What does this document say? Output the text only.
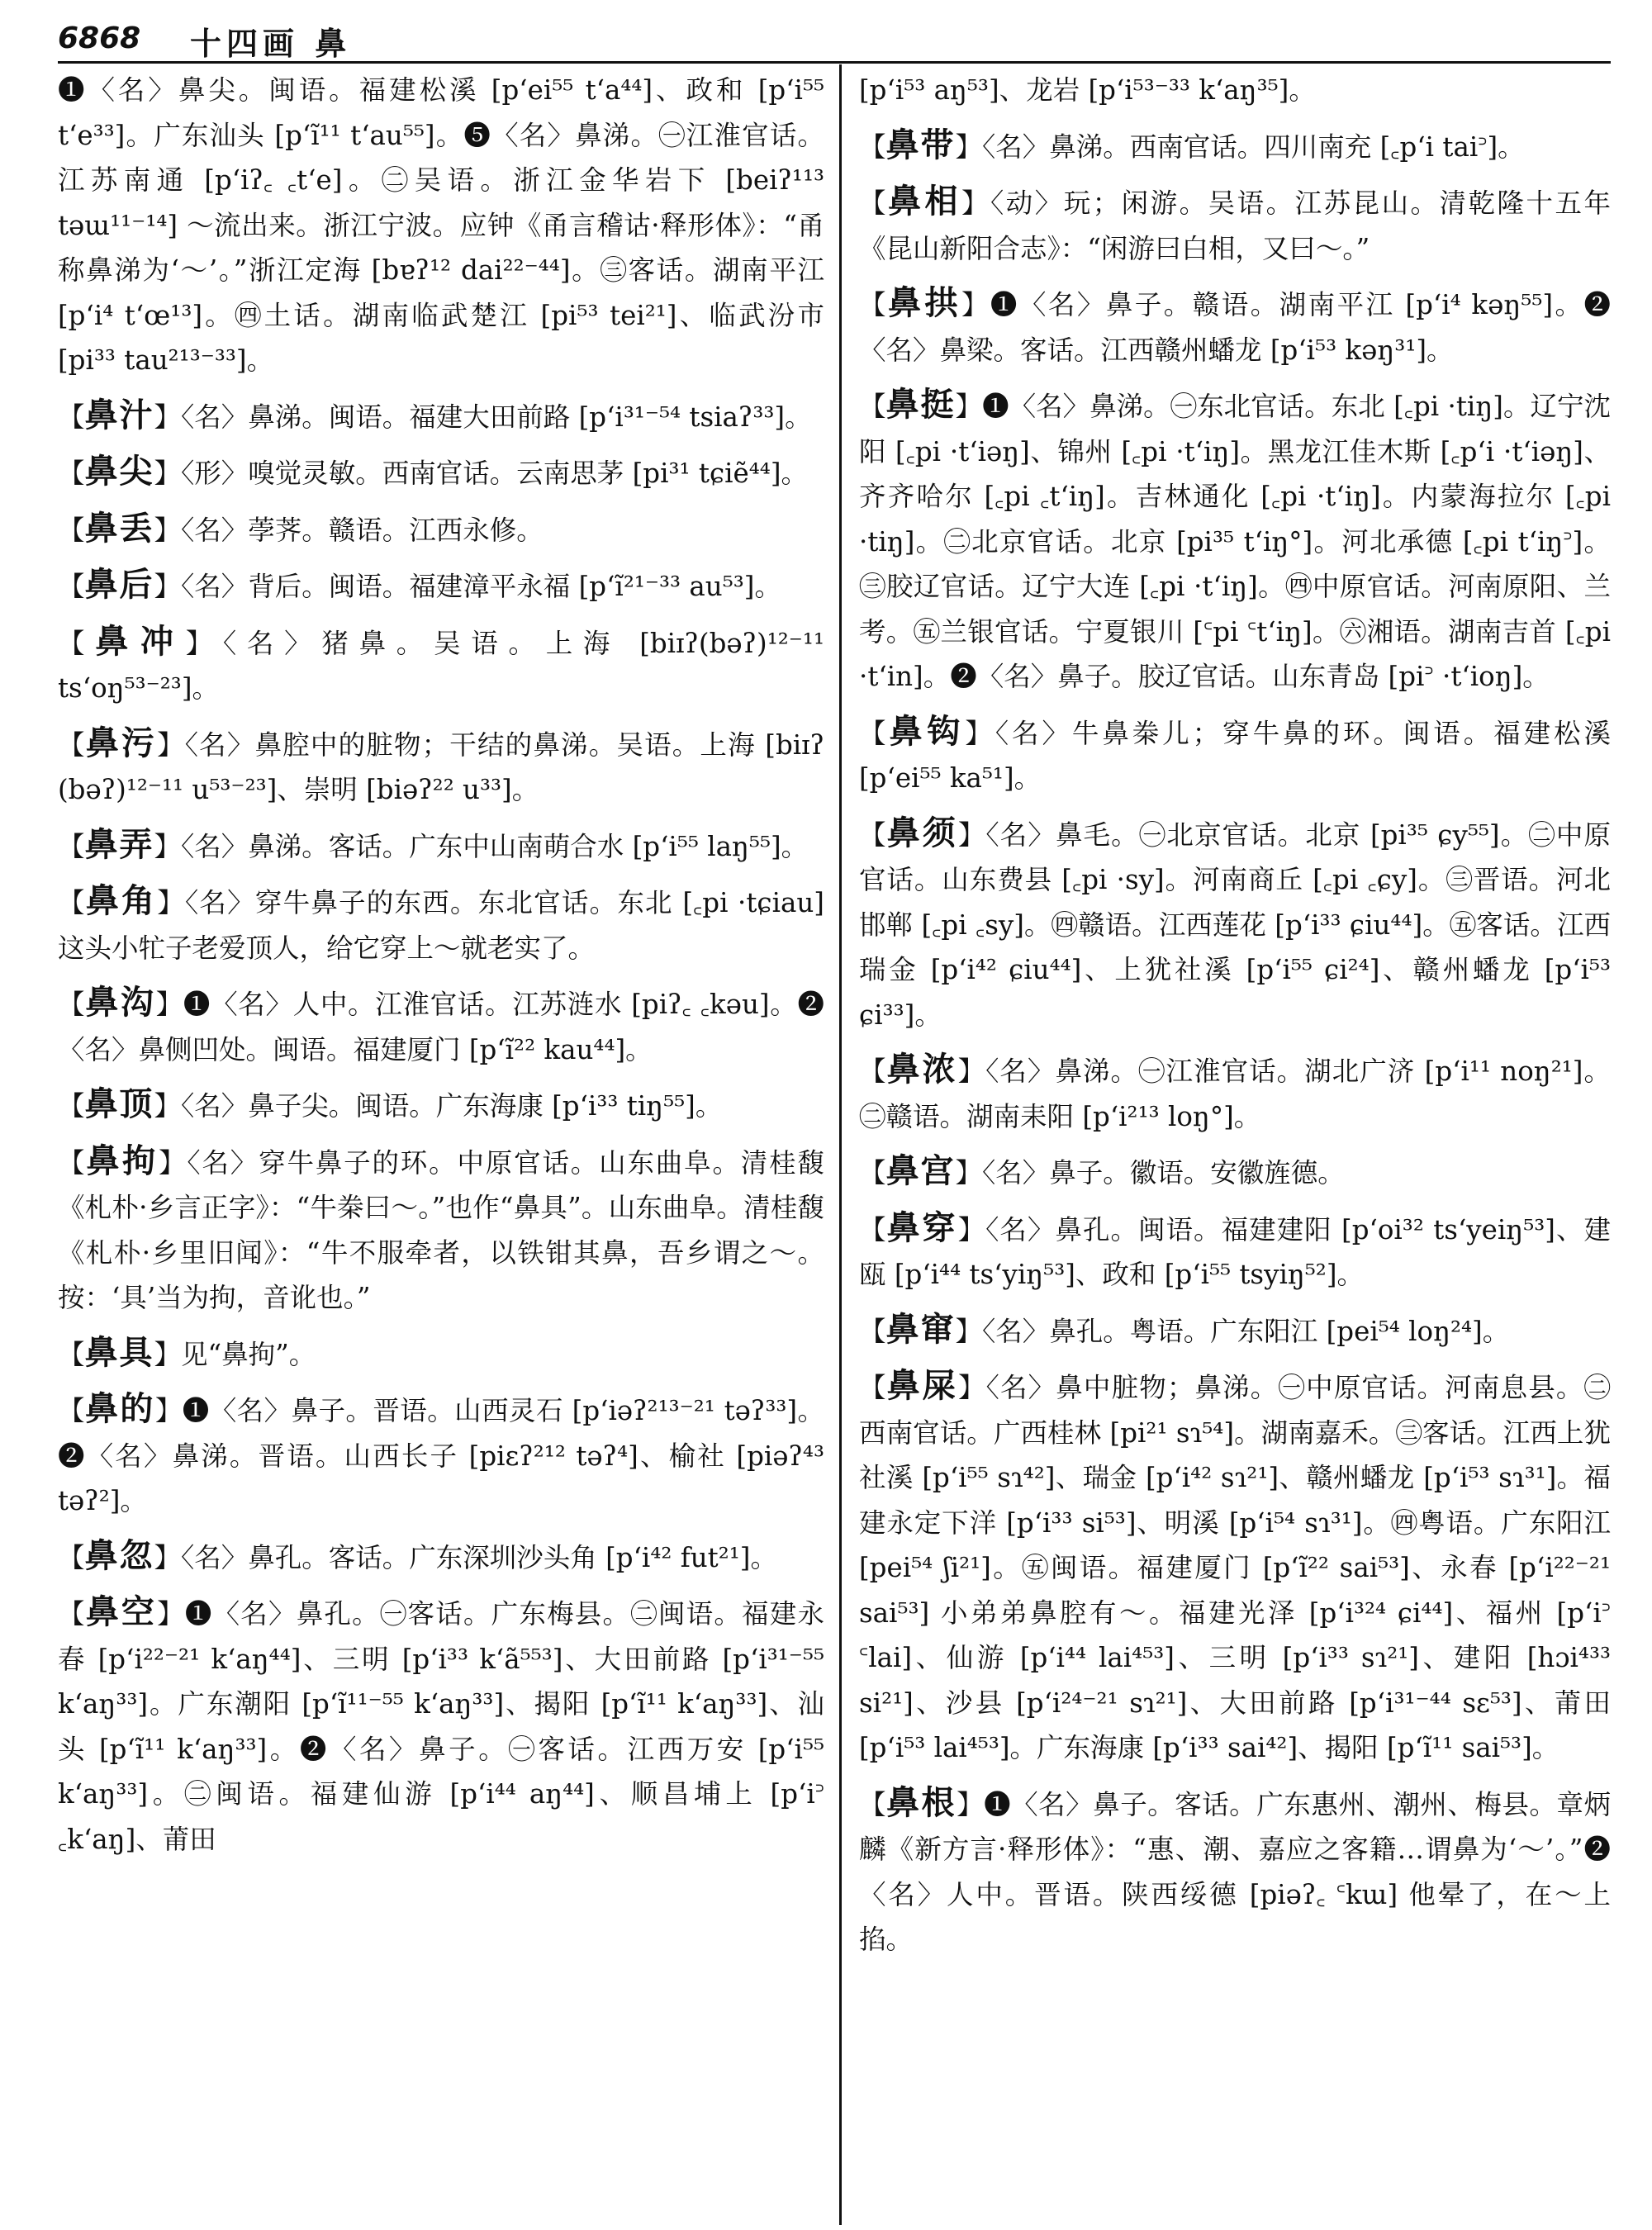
6868 十四画 鼻

❶〈名〉鼻尖。闽语。福建松溪 [p‘ei⁵⁵ t‘a⁴⁴]、政和 [p‘i⁵⁵ t‘e³³]。广东汕头 [p‘ĩ¹¹ t‘au⁵⁵]。❺〈名〉鼻涕。㊀江淮官话。江苏南通 [p‘iʔ꜀ ꜀t‘e]。㊁吴语。浙江金华岩下 [beiʔ¹¹³ təɯ¹¹⁻¹⁴] ～流出来。浙江宁波。应钟《甬言稽诂·释形体》：“甬称鼻涕为‘～’。”浙江定海 [bɐʔ¹² dai²²⁻⁴⁴]。㊂客话。湖南平江 [p‘i⁴ t‘œ¹³]。㊃土话。湖南临武楚江 [pi⁵³ tei²¹]、临武汾市 [pi³³ tau²¹³⁻³³]。

【鼻汁】〈名〉鼻涕。闽语。福建大田前路 [p‘i³¹⁻⁵⁴ tsiaʔ³³]。

【鼻尖】〈形〉嗅觉灵敏。西南官话。云南思茅 [pi³¹ tɕiẽ⁴⁴]。

【鼻丢】〈名〉荸荠。赣语。江西永修。

【鼻后】〈名〉背后。闽语。福建漳平永福 [p‘ĩ²¹⁻³³ au⁵³]。

【鼻冲】〈名〉猪鼻。吴语。上海 [biɪʔ(bəʔ)¹²⁻¹¹ ts‘oŋ⁵³⁻²³]。

【鼻污】〈名〉鼻腔中的脏物；干结的鼻涕。吴语。上海 [biɪʔ (bəʔ)¹²⁻¹¹ u⁵³⁻²³]、崇明 [biəʔ²² u³³]。

【鼻弄】〈名〉鼻涕。客话。广东中山南萌合水 [p‘i⁵⁵ laŋ⁵⁵]。

【鼻角】〈名〉穿牛鼻子的东西。东北官话。东北 [꜀pi ·tɕiau] 这头小牤子老爱顶人，给它穿上～就老实了。

【鼻沟】❶〈名〉人中。江淮官话。江苏涟水 [piʔ꜀ ꜀kəu]。❷〈名〉鼻侧凹处。闽语。福建厦门 [p‘ĩ²² kau⁴⁴]。

【鼻顶】〈名〉鼻子尖。闽语。广东海康 [p‘i³³ tiŋ⁵⁵]。

【鼻拘】〈名〉穿牛鼻子的环。中原官话。山东曲阜。清桂馥《札朴·乡言正字》：“牛桊曰～。”也作“鼻具”。山东曲阜。清桂馥《札朴·乡里旧闻》：“牛不服牵者，以铁钳其鼻，吾乡谓之～。按：‘具’当为拘，音讹也。”

【鼻具】见“鼻拘”。

【鼻的】❶〈名〉鼻子。晋语。山西灵石 [p‘iəʔ²¹³⁻²¹ təʔ³³]。❷〈名〉鼻涕。晋语。山西长子 [piɛʔ²¹² təʔ⁴]、榆社 [piəʔ⁴³ təʔ²]。

【鼻忽】〈名〉鼻孔。客话。广东深圳沙头角 [p‘i⁴² fut²¹]。

【鼻空】❶〈名〉鼻孔。㊀客话。广东梅县。㊁闽语。福建永春 [p‘i²²⁻²¹ k‘aŋ⁴⁴]、三明 [p‘i³³ k‘ã⁵⁵³]、大田前路 [p‘i³¹⁻⁵⁵ k‘aŋ³³]。广东潮阳 [p‘ĩ¹¹⁻⁵⁵ k‘aŋ³³]、揭阳 [p‘ĩ¹¹ k‘aŋ³³]、汕头 [p‘ĩ¹¹ k‘aŋ³³]。❷〈名〉鼻子。㊀客话。江西万安 [p‘i⁵⁵ k‘aŋ³³]。㊁闽语。福建仙游 [p‘i⁴⁴ aŋ⁴⁴]、顺昌埔上 [p‘i꜄ ꜀k‘aŋ]、莆田

[p‘i⁵³ aŋ⁵³]、龙岩 [p‘i⁵³⁻³³ k‘aŋ³⁵]。

【鼻带】〈名〉鼻涕。西南官话。四川南充 [꜀p‘i tai꜄]。

【鼻相】〈动〉玩；闲游。吴语。江苏昆山。清乾隆十五年《昆山新阳合志》：“闲游曰白相，又曰～。”

【鼻拱】❶〈名〉鼻子。赣语。湖南平江 [p‘i⁴ kəŋ⁵⁵]。❷〈名〉鼻梁。客话。江西赣州蟠龙 [p‘i⁵³ kəŋ³¹]。

【鼻挺】❶〈名〉鼻涕。㊀东北官话。东北 [꜀pi ·tiŋ]。辽宁沈阳 [꜀pi ·t‘iəŋ]、锦州 [꜀pi ·t‘iŋ]。黑龙江佳木斯 [꜀p‘i ·t‘iəŋ]、齐齐哈尔 [꜀pi ꜀t‘iŋ]。吉林通化 [꜀pi ·t‘iŋ]。内蒙海拉尔 [꜀pi ·tiŋ]。㊁北京官话。北京 [pi³⁵ t‘iŋ°]。河北承德 [꜀pi t‘iŋ꜄]。㊂胶辽官话。辽宁大连 [꜀pi ·t‘iŋ]。㊃中原官话。河南原阳、兰考。㊄兰银官话。宁夏银川 [꜂pi ꜂t‘iŋ]。㊅湘语。湖南吉首 [꜀pi ·t‘in]。❷〈名〉鼻子。胶辽官话。山东青岛 [pi꜄ ·t‘ioŋ]。

【鼻钩】〈名〉牛鼻桊儿；穿牛鼻的环。闽语。福建松溪 [p‘ei⁵⁵ ka⁵¹]。

【鼻须】〈名〉鼻毛。㊀北京官话。北京 [pi³⁵ ɕy⁵⁵]。㊁中原官话。山东费县 [꜀pi ·sy]。河南商丘 [꜀pi ꜀ɕy]。㊂晋语。河北邯郸 [꜀pi ꜀sy]。㊃赣语。江西莲花 [p‘i³³ ɕiu⁴⁴]。㊄客话。江西瑞金 [p‘i⁴² ɕiu⁴⁴]、上犹社溪 [p‘i⁵⁵ ɕi²⁴]、赣州蟠龙 [p‘i⁵³ ɕi³³]。

【鼻浓】〈名〉鼻涕。㊀江淮官话。湖北广济 [p‘i¹¹ noŋ²¹]。㊁赣语。湖南耒阳 [p‘i²¹³ loŋ°]。

【鼻宫】〈名〉鼻子。徽语。安徽旌德。

【鼻穿】〈名〉鼻孔。闽语。福建建阳 [p‘oi³² ts‘yeiŋ⁵³]、建瓯 [p‘i⁴⁴ ts‘yiŋ⁵³]、政和 [p‘i⁵⁵ tsyiŋ⁵²]。

【鼻窜】〈名〉鼻孔。粤语。广东阳江 [pei⁵⁴ loŋ²⁴]。

【鼻屎】〈名〉鼻中脏物；鼻涕。㊀中原官话。河南息县。㊁西南官话。广西桂林 [pi²¹ sɿ⁵⁴]。湖南嘉禾。㊂客话。江西上犹社溪 [p‘i⁵⁵ sɿ⁴²]、瑞金 [p‘i⁴² sɿ²¹]、赣州蟠龙 [p‘i⁵³ sɿ³¹]。福建永定下洋 [p‘i³³ si⁵³]、明溪 [p‘i⁵⁴ sɿ³¹]。㊃粤语。广东阳江 [pei⁵⁴ ʃi²¹]。㊄闽语。福建厦门 [p‘ĩ²² sai⁵³]、永春 [p‘i²²⁻²¹ sai⁵³] 小弟弟鼻腔有～。福建光泽 [p‘i³²⁴ ɕi⁴⁴]、福州 [p‘i꜄ ꜂lai]、仙游 [p‘i⁴⁴ lai⁴⁵³]、三明 [p‘i³³ sɿ²¹]、建阳 [hɔi⁴³³ si²¹]、沙县 [p‘i²⁴⁻²¹ sɿ²¹]、大田前路 [p‘i³¹⁻⁴⁴ sɛ⁵³]、莆田 [p‘i⁵³ lai⁴⁵³]。广东海康 [p‘i³³ sai⁴²]、揭阳 [p‘ĩ¹¹ sai⁵³]。

【鼻根】❶〈名〉鼻子。客话。广东惠州、潮州、梅县。章炳麟《新方言·释形体》：“惠、潮、嘉应之客籍…谓鼻为‘～’。”❷〈名〉人中。晋语。陕西绥德 [piəʔ꜀ ꜂kɯ] 他晕了，在～上掐。
